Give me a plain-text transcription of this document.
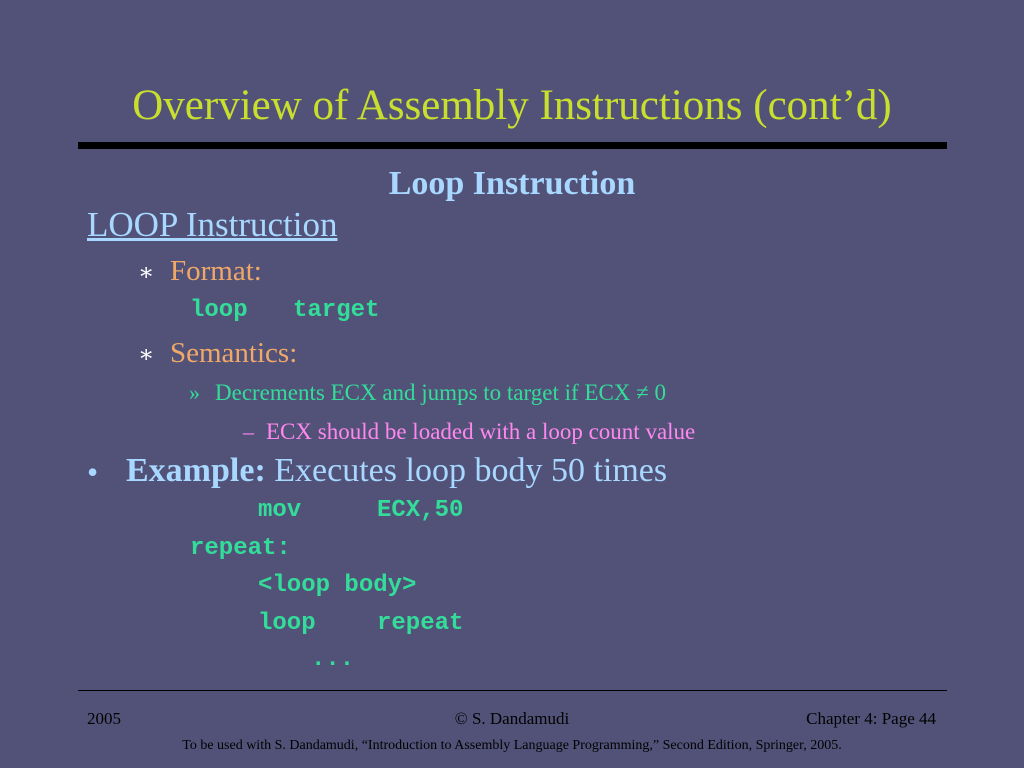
Overview of Assembly Instructions (cont’d)
Loop Instruction
LOOP Instruction
∗ Format:
loop target
∗ Semantics:
» Decrements ECX and jumps to target if ECX ≠ 0
– ECX should be loaded with a loop count value
• Example: Executes loop body 50 times
mov	ECX,50
repeat:
<loop body>
loop	repeat
...
2005	© S. Dandamudi	Chapter 4: Page 44
To be used with S. Dandamudi, “Introduction to Assembly Language Programming,” Second Edition, Springer, 2005.
